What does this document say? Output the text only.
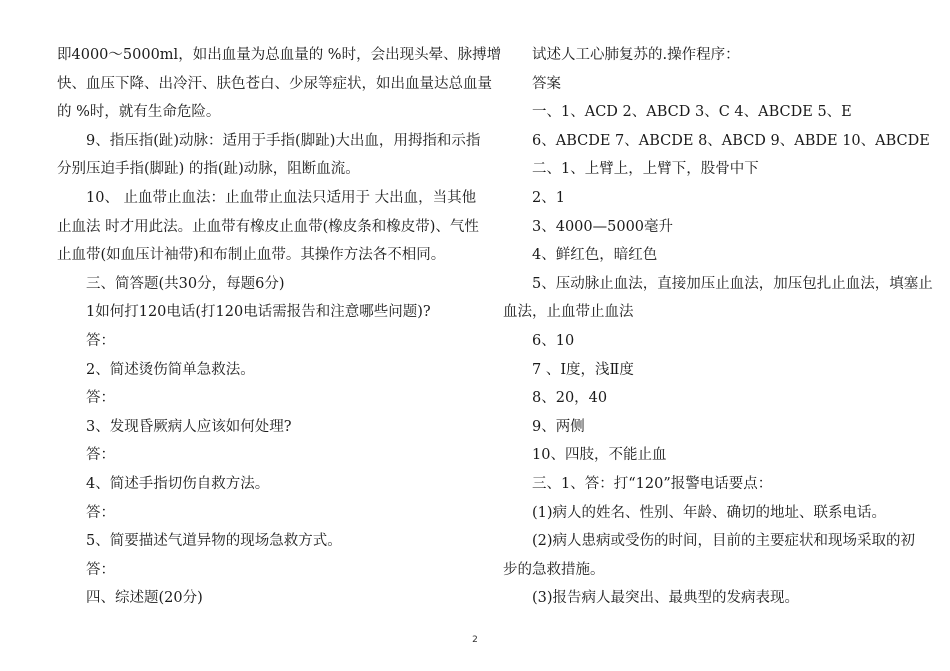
即4000～5000ml，如出血量为总血量的 %时，会出现头晕、脉搏增
快、血压下降、出冷汗、肤色苍白、少尿等症状，如出血量达总血量
的 %时，就有生命危险。
9、指压指(趾)动脉：适用于手指(脚趾)大出血，用拇指和示指
分别压迫手指(脚趾) 的指(趾)动脉，阻断血流。
10、 止血带止血法：止血带止血法只适用于 大出血，当其他
止血法 时才用此法。止血带有橡皮止血带(橡皮条和橡皮带)、气性
止血带(如血压计袖带)和布制止血带。其操作方法各不相同。
三、简答题(共30分，每题6分)
1如何打120电话(打120电话需报告和注意哪些问题)?
答：
2、简述烫伤简单急救法。
答：
3、发现昏厥病人应该如何处理?
答：
4、简述手指切伤自救方法。
答：
5、简要描述气道异物的现场急救方式。
答：
四、综述题(20分)
试述人工心肺复苏的.操作程序：
答案
一、1、ACD 2、ABCD 3、C 4、ABCDE 5、E
6、ABCDE 7、ABCDE 8、ABCD 9、ABDE 10、ABCDE
二、1、上臂上，上臂下，股骨中下
2、1
3、4000—5000毫升
4、鲜红色，暗红色
5、压动脉止血法，直接加压止血法，加压包扎止血法，填塞止
血法，止血带止血法
6、10
7 、Ⅰ度，浅Ⅱ度
8、20，40
9、两侧
10、四肢，不能止血
三、1、答：打“120”报警电话要点：
(1)病人的姓名、性别、年龄、确切的地址、联系电话。
(2)病人患病或受伤的时间，目前的主要症状和现场采取的初
步的急救措施。
(3)报告病人最突出、最典型的发病表现。
2
